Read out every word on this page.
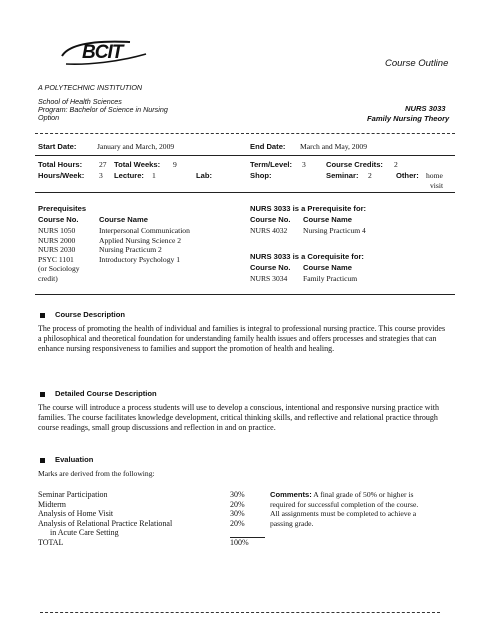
BCIT
A POLYTECHNIC INSTITUTION
Course Outline
School of Health Sciences
Program: Bachelor of Science in Nursing
Option
NURS 3033
Family Nursing Theory
Start Date:	January and March, 2009	End Date: March and May, 2009
Total Hours: 27 Total Weeks: 9	Term/Level: 3	Course Credits: 2
Hours/Week: 3 Lecture: 1	Lab:	Shop:	Seminar: 2	Other: home
visit
Prerequisites
Course No.	Course Name
NURS 1050	Interpersonal Communication
NURS 2000	Applied Nursing Science 2
NURS 2030	Nursing Practicum 2
PSYC 1101	Introductory Psychology 1
(or Sociology
credit)
NURS 3033 is a Prerequisite for:
Course No. Course Name
NURS 4032 Nursing Practicum 4
NURS 3033 is a Corequisite for:
Course No. Course Name
NURS 3034 Family Practicum
Course Description
The process of promoting the health of individual and families is integral to professional nursing practice. This course provides a philosophical and theoretical foundation for understanding family health issues and offers processes and strategies that can enhance nursing responsiveness to families and support the promotion of health and healing.
Detailed Course Description
The course will introduce a process students will use to develop a conscious, intentional and responsive nursing practice with families. The course facilitates knowledge development, critical thinking skills, and reflective and relational practice through course readings, small group discussions and reflection in and on practice.
Evaluation
Marks are derived from the following:
Seminar Participation	30%
Midterm	20%
Analysis of Home Visit	30%
Analysis of Relational Practice Relational	20%
in Acute Care Setting	
TOTAL	100%
Comments: A final grade of 50% or higher is
required for successful completion of the course.
All assignments must be completed to achieve a
passing grade.
